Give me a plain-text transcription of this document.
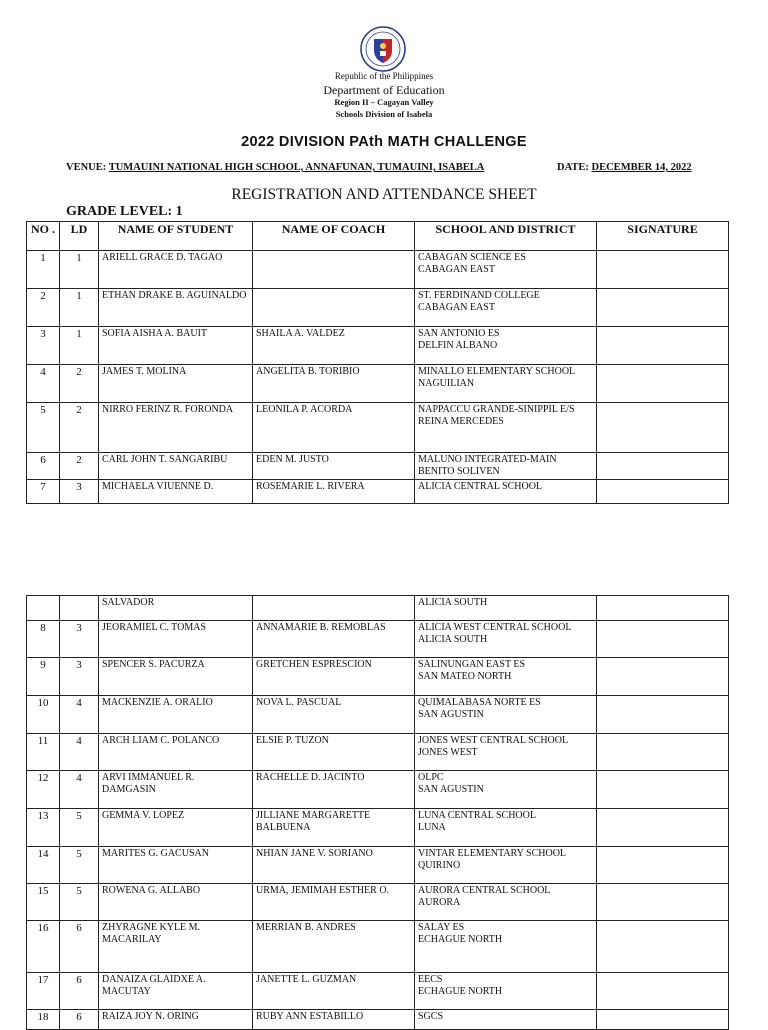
Republic of the Philippines
Department of Education
Region II – Cagayan Valley
Schools Division of Isabela
2022 DIVISION PAth MATH CHALLENGE
VENUE: TUMAUINI NATIONAL HIGH SCHOOL, ANNAFUNAN, TUMAUINI, ISABELA	DATE: DECEMBER 14, 2022
REGISTRATION AND ATTENDANCE SHEET
GRADE LEVEL: 1
NO .	LD	NAME OF STUDENT	NAME OF COACH	SCHOOL AND DISTRICT	SIGNATURE

1	1	ARIELL GRACE D. TAGAO		CABAGAN SCIENCE ES
CABAGAN EAST	

2	1	ETHAN DRAKE B. AGUINALDO		ST. FERDINAND COLLEGE
CABAGAN EAST	

3	1	SOFIA AISHA A. BAUIT	SHAILA A. VALDEZ	SAN ANTONIO ES
DELFIN ALBANO	

4	2	JAMES T. MOLINA	ANGELITA B. TORIBIO	MINALLO ELEMENTARY SCHOOL
NAGUILIAN	

5	2	NIRRO FERINZ R. FORONDA	LEONILA P. ACORDA	NAPPACCU GRANDE-SINIPPIL E/S
REINA MERCEDES	

6	2	CARL JOHN T. SANGARIBU	EDEN M. JUSTO	MALUNO INTEGRATED-MAIN
BENITO SOLIVEN	

7	3	MICHAELA VIUENNE D.	ROSEMARIE L. RIVERA	ALICIA CENTRAL SCHOOL	

		SALVADOR		ALICIA SOUTH	

8	3	JEORAMIEL C. TOMAS	ANNAMARIE B. REMOBLAS	ALICIA WEST CENTRAL SCHOOL
ALICIA SOUTH	

9	3	SPENCER S. PACURZA	GRETCHEN ESPRESCION	SALINUNGAN EAST ES
SAN MATEO NORTH	

10	4	MACKENZIE A. ORALIO	NOVA L. PASCUAL	QUIMALABASA NORTE ES
SAN AGUSTIN	

11	4	ARCH LIAM C. POLANCO	ELSIE P. TUZON	JONES WEST CENTRAL SCHOOL
JONES WEST	

12	4	ARVI IMMANUEL R. DAMGASIN	RACHELLE D. JACINTO	OLPC
SAN AGUSTIN	

13	5	GEMMA V. LOPEZ	JILLIANE MARGARETTE BALBUENA	LUNA CENTRAL SCHOOL
LUNA	

14	5	MARITES G. GACUSAN	NHIAN JANE V. SORIANO	VINTAR ELEMENTARY SCHOOL
QUIRINO	

15	5	ROWENA G. ALLABO	URMA, JEMIMAH ESTHER O.	AURORA CENTRAL SCHOOL
AURORA	

16	6	ZHYRAGNE KYLE M. MACARILAY	MERRIAN B. ANDRES	SALAY ES
ECHAGUE NORTH	

17	6	DANAIZA GLAIDXE A. MACUTAY	JANETTE L. GUZMAN	EECS
ECHAGUE NORTH	

18	6	RAIZA JOY N. ORING	RUBY ANN ESTABILLO	SGCS	
